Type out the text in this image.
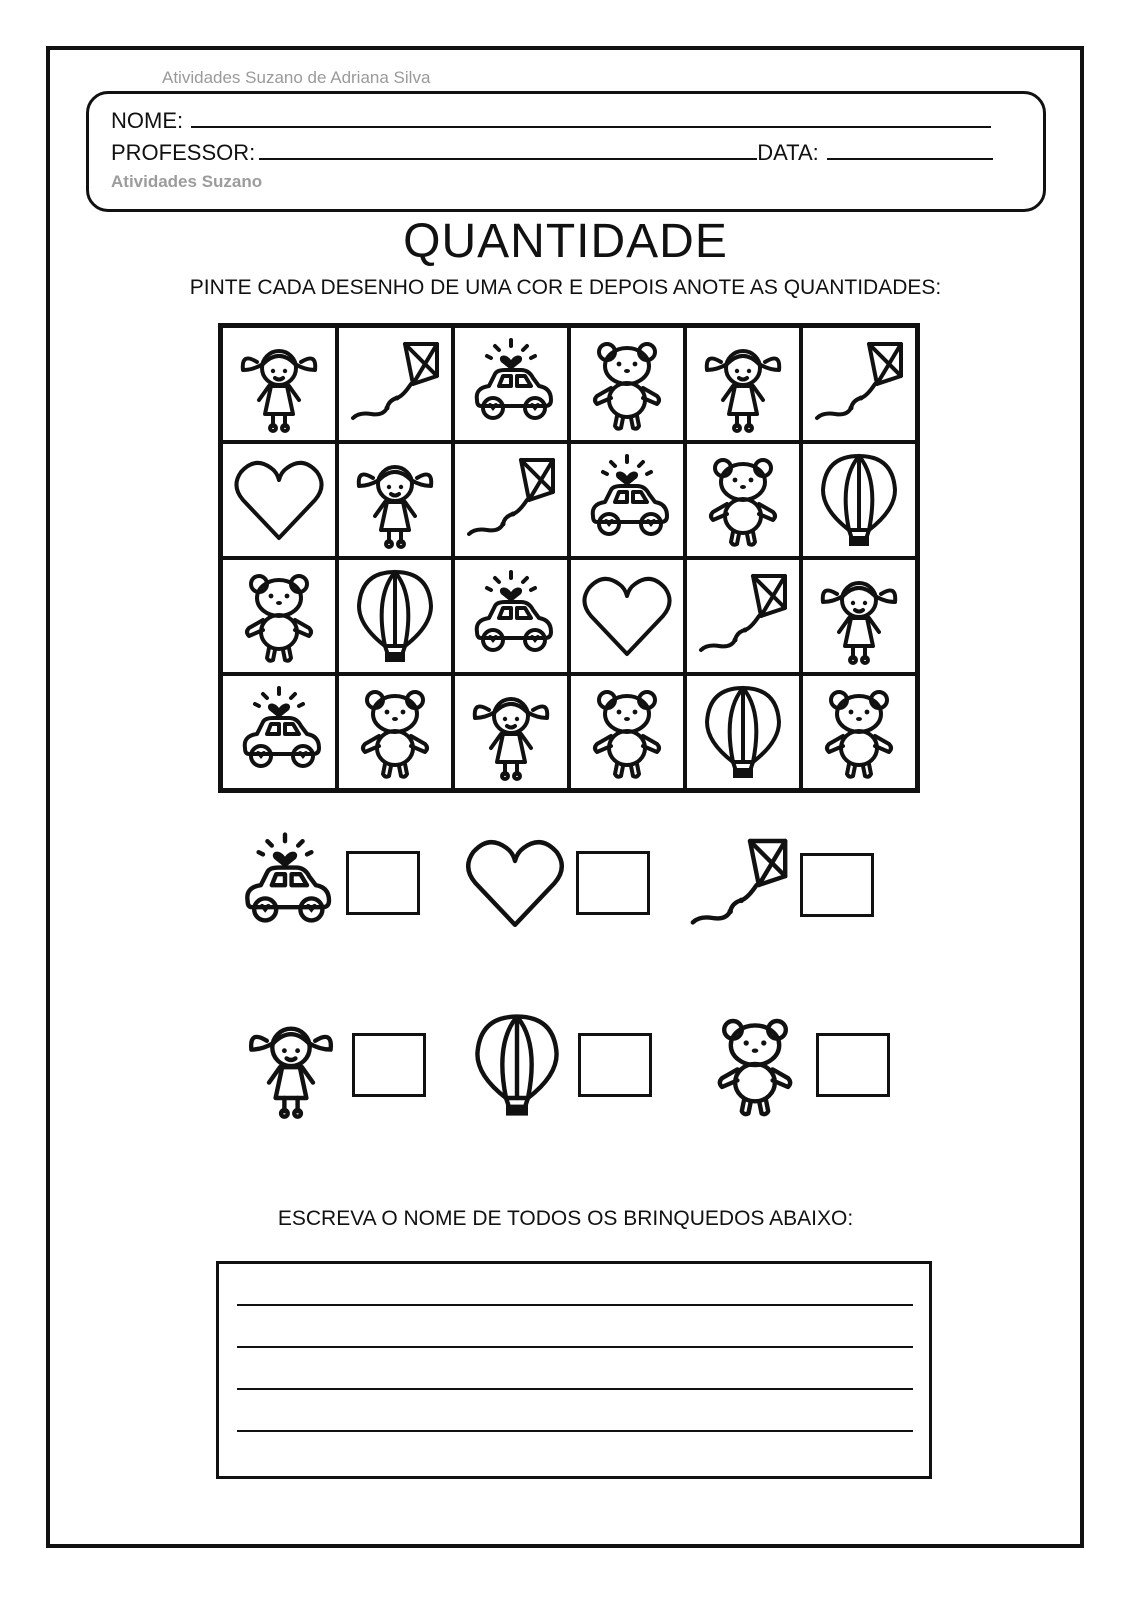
Atividades Suzano de Adriana Silva
NOME:
PROFESSOR:	DATA:
Atividades Suzano
QUANTIDADE
PINTE CADA DESENHO DE UMA COR E DEPOIS ANOTE AS QUANTIDADES:
ESCREVA O NOME DE TODOS OS BRINQUEDOS ABAIXO:
